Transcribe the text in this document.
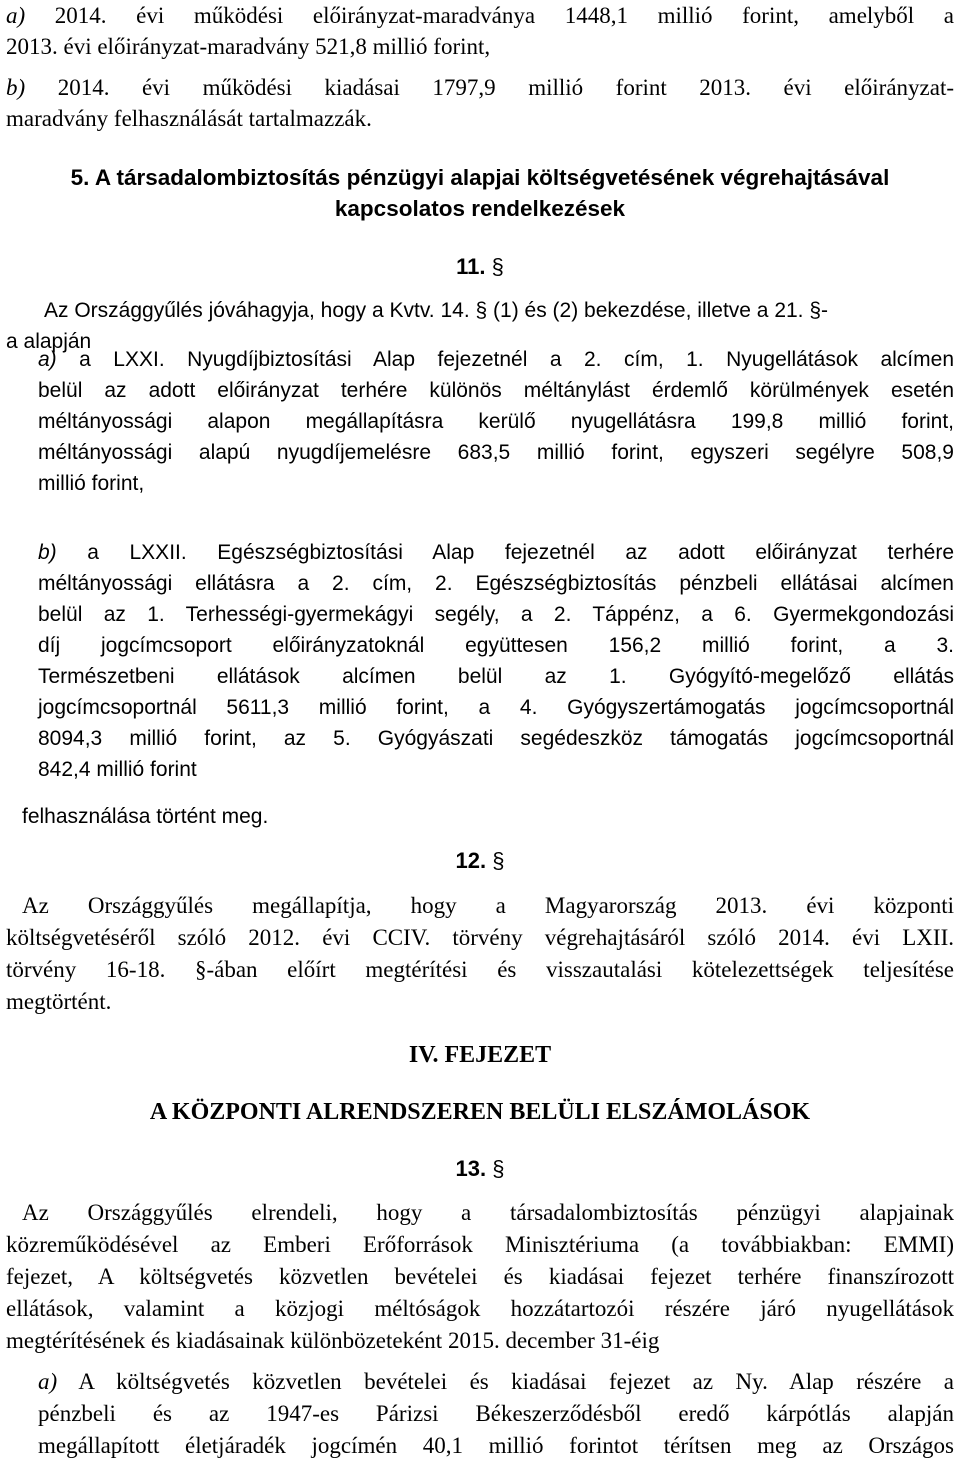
a) 2014. évi működési előirányzat-maradványa 1448,1 millió forint, amelyből a
2013. évi előirányzat-maradvány 521,8 millió forint,
b) 2014. évi működési kiadásai 1797,9 millió forint 2013. évi előirányzat-
maradvány felhasználását tartalmazzák.
5. A társadalombiztosítás pénzügyi alapjai költségvetésének végrehajtásával
kapcsolatos rendelkezések
11. §
Az Országgyűlés jóváhagyja, hogy a Kvtv. 14. § (1) és (2) bekezdése, illetve a 21. §-
a alapján
a) a LXXI. Nyugdíjbiztosítási Alap fejezetnél a 2. cím, 1. Nyugellátások alcímen
belül az adott előirányzat terhére különös méltánylást érdemlő körülmények esetén
méltányossági alapon megállapításra kerülő nyugellátásra 199,8 millió forint,
méltányossági alapú nyugdíjemelésre 683,5 millió forint, egyszeri segélyre 508,9
millió forint,
b) a LXXII. Egészségbiztosítási Alap fejezetnél az adott előirányzat terhére
méltányossági ellátásra a 2. cím, 2. Egészségbiztosítás pénzbeli ellátásai alcímen
belül az 1. Terhességi-gyermekágyi segély, a 2. Táppénz, a 6. Gyermekgondozási
díj jogcímcsoport előirányzatoknál együttesen 156,2 millió forint, a 3.
Természetbeni ellátások alcímen belül az 1. Gyógyító-megelőző ellátás
jogcímcsoportnál 5611,3 millió forint, a 4. Gyógyszertámogatás jogcímcsoportnál
8094,3 millió forint, az 5. Gyógyászati segédeszköz támogatás jogcímcsoportnál
842,4 millió forint
felhasználása történt meg.
12. §
Az Országgyűlés megállapítja, hogy a Magyarország 2013. évi központi
költségvetéséről szóló 2012. évi CCIV. törvény végrehajtásáról szóló 2014. évi LXII.
törvény 16-18. §-ában előírt megtérítési és visszautalási kötelezettségek teljesítése
megtörtént.
IV. FEJEZET
A KÖZPONTI ALRENDSZEREN BELÜLI ELSZÁMOLÁSOK
13. §
Az Országgyűlés elrendeli, hogy a társadalombiztosítás pénzügyi alapjainak
közreműködésével az Emberi Erőforrások Minisztériuma (a továbbiakban: EMMI)
fejezet, A költségvetés közvetlen bevételei és kiadásai fejezet terhére finanszírozott
ellátások, valamint a közjogi méltóságok hozzátartozói részére járó nyugellátások
megtérítésének és kiadásainak különbözeteként 2015. december 31-éig
a) A költségvetés közvetlen bevételei és kiadásai fejezet az Ny. Alap részére a
pénzbeli és az 1947-es Párizsi Békeszerződésből eredő kárpótlás alapján
megállapított életjáradék jogcímén 40,1 millió forintot térítsen meg az Országos
